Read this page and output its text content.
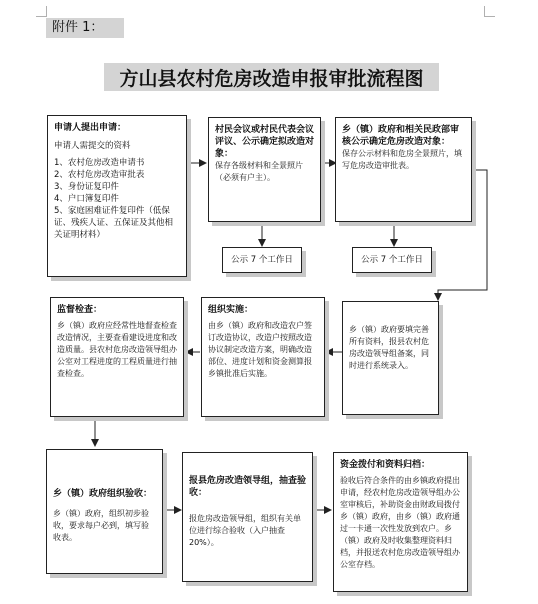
附件 1：
方山县农村危房改造申报审批流程图
申请人提出申请：
申请人需提交的资料
1、农村危房改造申请书
2、农村危房改造审批表
3、身份证复印件
4、户口簿复印件
5、家庭困难证件复印件（低保证、残疾人证、五保证及其他相关证明材料）
村民会议或村民代表会议评议、公示确定拟改造对象：
保存各级材料和全景照片（必须有户主）。
乡（镇）政府和相关民政部审核公示确定危房改造对象：
保存公示材料和危房全景照片，填写危房改造审批表。
公示 7 个工作日	公示 7 个工作日
监督检查：
乡（镇）政府应经常性地督查检查改造情况，主要查看建设进度和改造质量。县农村危房改造领导组办公室对工程进度的工程质量进行抽查检查。
组织实施：
由乡（镇）政府和改造农户签订改造协议，改造户按照改造协议制定改造方案，明确改造部位、进度计划和资金测算报乡镇批准后实施。
乡（镇）政府要填完善所有资料，报县农村危房改造领导组备案，同时进行系统录入。
乡（镇）政府组织验收：
乡（镇）政府，组织初步验收，要求每户必到，填写验收表。
报县危房改造领导组，抽查验收：
报危房改造领导组，组织有关单位进行综合验收（入户抽查 20%）。
资金拨付和资料归档：
验收后符合条件的由乡镇政府提出申请，经农村危房改造领导组办公室审核后，补助资金由财政局拨付乡（镇）政府，由乡（镇）政府通过一卡通一次性发放到农户。乡（镇）政府及时收集整理资料归档，并报送农村危房改造领导组办公室存档。
